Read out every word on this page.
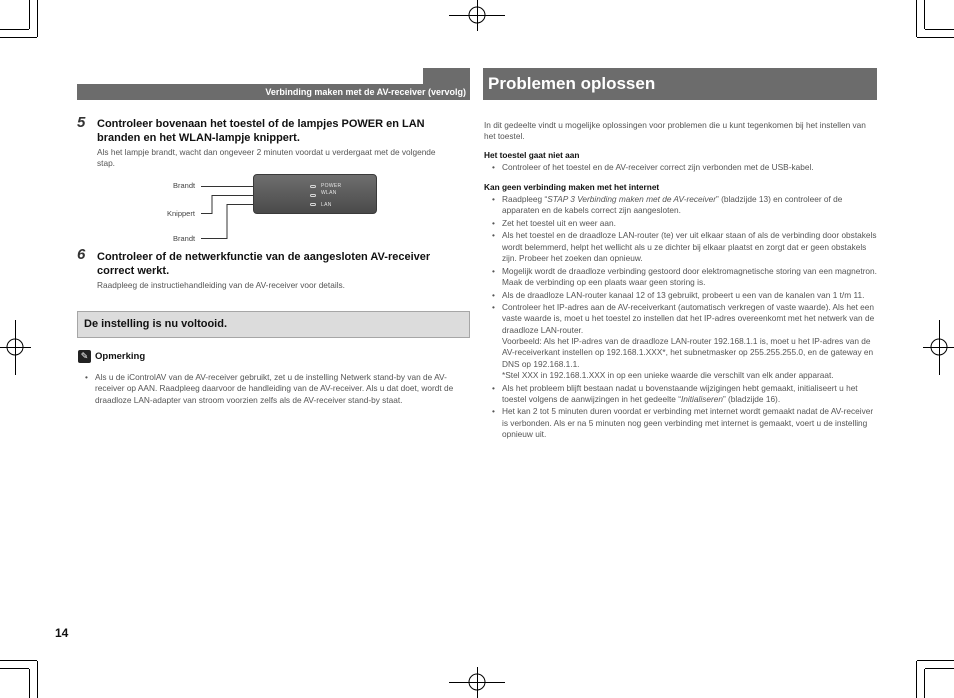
Verbinding maken met de AV-receiver (vervolg)
5 Controleer bovenaan het toestel of de lampjes POWER en LAN branden en het WLAN-lampje knippert.
Als het lampje brandt, wacht dan ongeveer 2 minuten voordat u verdergaat met de volgende stap.
Brandt
Knippert
Brandt
POWER
WLAN
LAN
6 Controleer of de netwerkfunctie van de aangesloten AV-receiver correct werkt.
Raadpleeg de instructiehandleiding van de AV-receiver voor details.
De instelling is nu voltooid.
✎ Opmerking
• Als u de iControlAV van de AV-receiver gebruikt, zet u de instelling Netwerk stand-by van de AV-receiver op AAN. Raadpleeg daarvoor de handleiding van de AV-receiver. Als u dat doet, wordt de draadloze LAN-adapter van stroom voorzien zelfs als de AV-receiver stand-by staat.
14
Problemen oplossen
In dit gedeelte vindt u mogelijke oplossingen voor problemen die u kunt tegenkomen bij het instellen van het toestel.
Het toestel gaat niet aan
• Controleer of het toestel en de AV-receiver correct zijn verbonden met de USB-kabel.
Kan geen verbinding maken met het internet
• Raadpleeg “STAP 3 Verbinding maken met de AV-receiver” (bladzijde 13) en controleer of de apparaten en de kabels correct zijn aangesloten.
• Zet het toestel uit en weer aan.
• Als het toestel en de draadloze LAN-router (te) ver uit elkaar staan of als de verbinding door obstakels wordt belemmerd, helpt het wellicht als u ze dichter bij elkaar plaatst en zorgt dat er geen obstakels zijn. Probeer het zoeken dan opnieuw.
• Mogelijk wordt de draadloze verbinding gestoord door elektromagnetische storing van een magnetron. Maak de verbinding op een plaats waar geen storing is.
• Als de draadloze LAN-router kanaal 12 of 13 gebruikt, probeert u een van de kanalen van 1 t/m 11.
• Controleer het IP-adres aan de AV-receiverkant (automatisch verkregen of vaste waarde). Als het een vaste waarde is, moet u het toestel zo instellen dat het IP-adres overeenkomt met het netwerk van de draadloze LAN-router.
Voorbeeld: Als het IP-adres van de draadloze LAN-router 192.168.1.1 is, moet u het IP-adres van de AV-receiverkant instellen op 192.168.1.XXX*, het subnetmasker op 255.255.255.0, en de gateway en DNS op 192.168.1.1.
*Stel XXX in 192.168.1.XXX in op een unieke waarde die verschilt van elk ander apparaat.
• Als het probleem blijft bestaan nadat u bovenstaande wijzigingen hebt gemaakt, initialiseert u het toestel volgens de aanwijzingen in het gedeelte “Initialiseren” (bladzijde 16).
• Het kan 2 tot 5 minuten duren voordat er verbinding met internet wordt gemaakt nadat de AV-receiver is verbonden. Als er na 5 minuten nog geen verbinding met internet is gemaakt, voert u de instelling opnieuw uit.
